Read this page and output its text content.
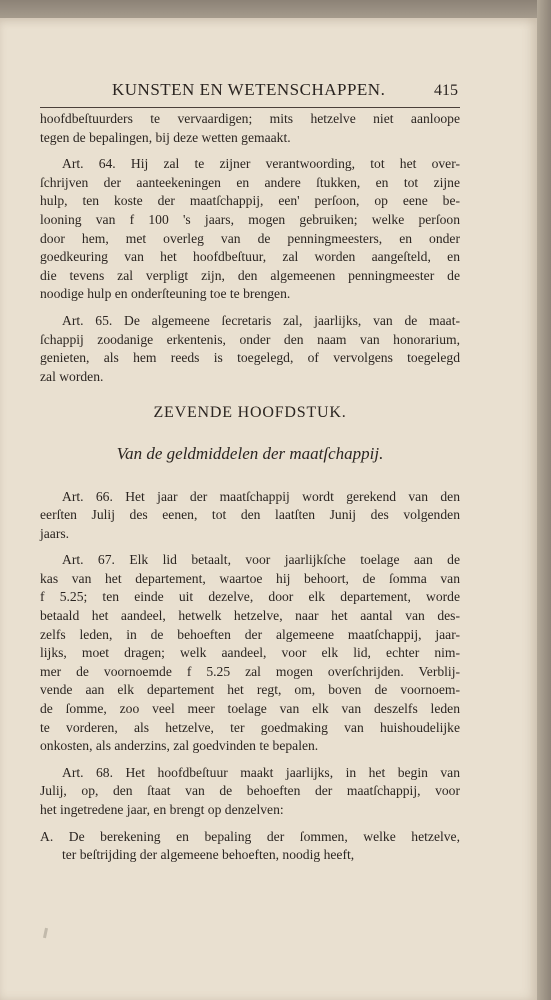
KUNSTEN EN WETENSCHAPPEN.	415
hoofdbeſtuurders te vervaardigen; mits hetzelve niet aanloope
tegen de bepalingen, bij deze wetten gemaakt.
Art. 64. Hij zal te zijner verantwoording, tot het over-
ſchrijven der aanteekeningen en andere ſtukken, en tot zijne
hulp, ten koste der maatſchappij, een' perſoon, op eene be-
looning van f 100 's jaars, mogen gebruiken; welke perſoon
door hem, met overleg van de penningmeesters, en onder
goedkeuring van het hoofdbeſtuur, zal worden aangeſteld, en
die tevens zal verpligt zijn, den algemeenen penningmeester de
noodige hulp en onderſteuning toe te brengen.
Art. 65. De algemeene ſecretaris zal, jaarlijks, van de maat-
ſchappij zoodanige erkentenis, onder den naam van honorarium,
genieten, als hem reeds is toegelegd, of vervolgens toegelegd
zal worden.
ZEVENDE HOOFDSTUK.
Van de geldmiddelen der maatſchappij.
Art. 66. Het jaar der maatſchappij wordt gerekend van den
eerſten Julij des eenen, tot den laatſten Junij des volgenden
jaars.
Art. 67. Elk lid betaalt, voor jaarlijkſche toelage aan de
kas van het departement, waartoe hij behoort, de ſomma van
f 5.25; ten einde uit dezelve, door elk departement, worde
betaald het aandeel, hetwelk hetzelve, naar het aantal van des-
zelfs leden, in de behoeften der algemeene maatſchappij, jaar-
lijks, moet dragen; welk aandeel, voor elk lid, echter nim-
mer de voornoemde f 5.25 zal mogen overſchrijden. Verblij-
vende aan elk departement het regt, om, boven de voornoem-
de ſomme, zoo veel meer toelage van elk van deszelfs leden
te vorderen, als hetzelve, ter goedmaking van huishoudelijke
onkosten, als anderzins, zal goedvinden te bepalen.
Art. 68. Het hoofdbeſtuur maakt jaarlijks, in het begin van
Julij, op, den ſtaat van de behoeften der maatſchappij, voor
het ingetredene jaar, en brengt op denzelven:
A. De berekening en bepaling der ſommen, welke hetzelve,
ter beſtrijding der algemeene behoeften, noodig heeft,
